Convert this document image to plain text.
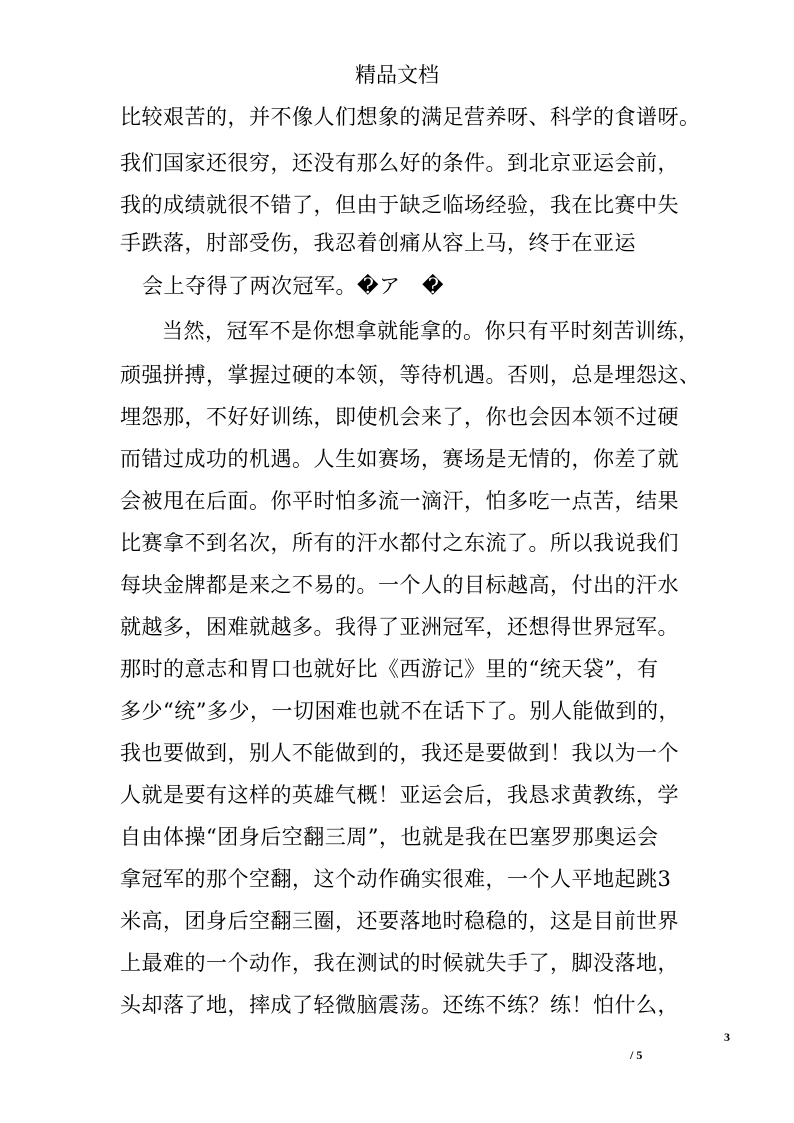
精品文档
比较艰苦的，并不像人们想象的满足营养呀、科学的食谱呀。
我们国家还很穷，还没有那么好的条件。到北京亚运会前，
我的成绩就很不错了，但由于缺乏临场经验，我在比赛中失
手跌落，肘部受伤，我忍着创痛从容上马，终于在亚运
会上夺得了两次冠军。�ア　�
当然，冠军不是你想拿就能拿的。你只有平时刻苦训练，
顽强拼搏，掌握过硬的本领，等待机遇。否则，总是埋怨这、
埋怨那，不好好训练，即使机会来了，你也会因本领不过硬
而错过成功的机遇。人生如赛场，赛场是无情的，你差了就
会被甩在后面。你平时怕多流一滴汗，怕多吃一点苦，结果
比赛拿不到名次，所有的汗水都付之东流了。所以我说我们
每块金牌都是来之不易的。一个人的目标越高，付出的汗水
就越多，困难就越多。我得了亚洲冠军，还想得世界冠军。
那时的意志和胃口也就好比《西游记》里的“统天袋”，有
多少“统”多少，一切困难也就不在话下了。别人能做到的，
我也要做到，别人不能做到的，我还是要做到！我以为一个
人就是要有这样的英雄气概！亚运会后，我恳求黄教练，学
自由体操“团身后空翻三周”，也就是我在巴塞罗那奥运会
拿冠军的那个空翻，这个动作确实很难，一个人平地起跳3
米高，团身后空翻三圈，还要落地时稳稳的，这是目前世界
上最难的一个动作，我在测试的时候就失手了，脚没落地，
头却落了地，摔成了轻微脑震荡。还练不练？练！怕什么，
3
/ 5
